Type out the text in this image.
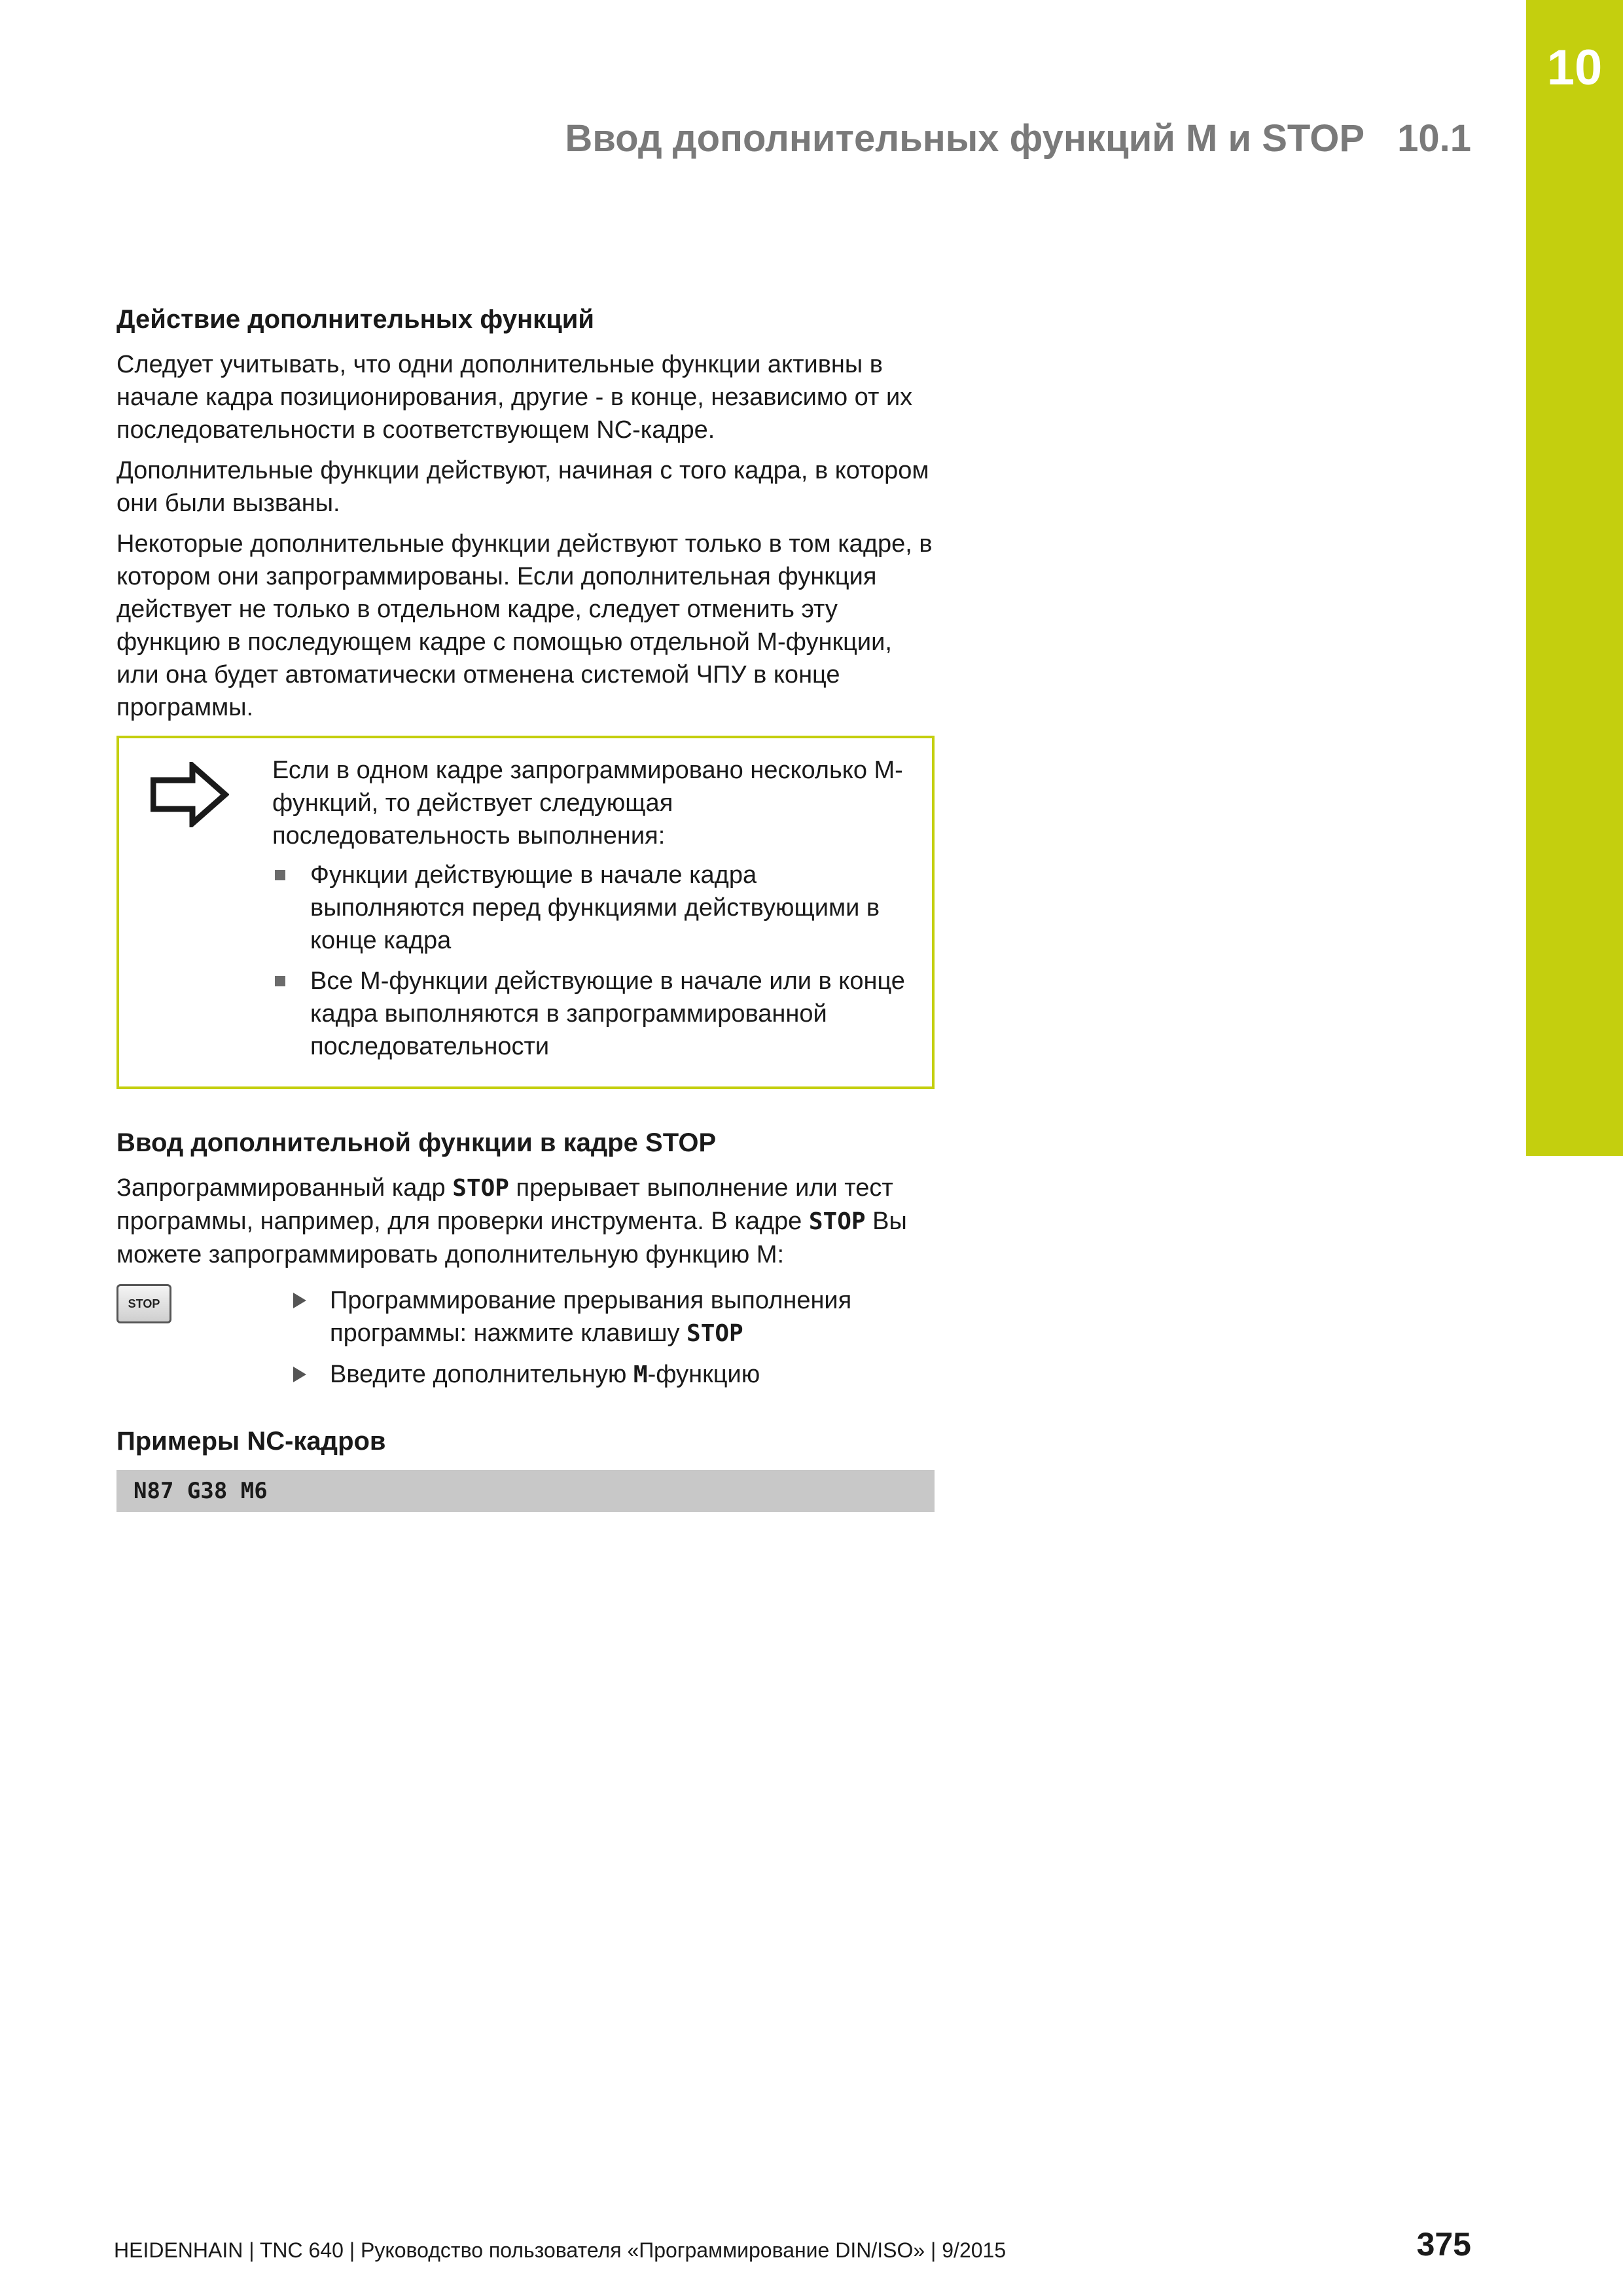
10
Ввод дополнительных функций M и STOP 10.1
Действие дополнительных функций

Следует учитывать, что одни дополнительные функции активны в начале кадра позиционирования, другие - в конце, независимо от их последовательности в соответствующем NC-кадре.

Дополнительные функции действуют, начиная с того кадра, в котором они были вызваны.

Некоторые дополнительные функции действуют только в том кадре, в котором они запрограммированы. Если дополнительная функция действует не только в отдельном кадре, следует отменить эту функцию в последующем кадре с помощью отдельной M-функции, или она будет автоматически отменена системой ЧПУ в конце программы.

Если в одном кадре запрограммировано несколько M-функций, то действует следующая последовательность выполнения:

Функции действующие в начале кадра выполняются перед функциями действующими в конце кадра
Все M-функции действующие в начале или в конце кадра выполняются в запрограммированной последовательности
Ввод дополнительной функции в кадре STOP

Запрограммированный кадр STOP прерывает выполнение или тест программы, например, для проверки инструмента. В кадре STOP Вы можете запрограммировать дополнительную функцию M:

STOP	Программирование прерывания выполнения программы: нажмите клавишу STOP
Введите дополнительную M-функцию
Примеры NC-кадров
N87 G38 M6
HEIDENHAIN | TNC 640 | Руководство пользователя «Программирование DIN/ISO» | 9/2015	375
